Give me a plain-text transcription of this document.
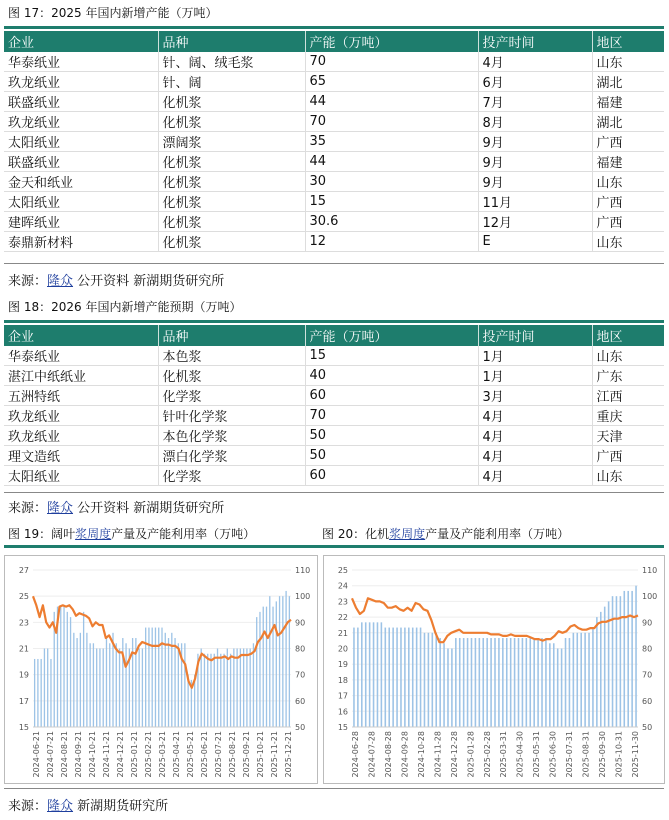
图 17：2025 年国内新增产能（万吨）
企业	品种	产能（万吨）	投产时间	地区
华泰纸业	针、阔、绒毛浆	70	4月	山东
玖龙纸业	针、阔	65	6月	湖北
联盛纸业	化机浆	44	7月	福建
玖龙纸业	化机浆	70	8月	湖北
太阳纸业	漂阔浆	35	9月	广西
联盛纸业	化机浆	44	9月	福建
金天和纸业	化机浆	30	9月	山东
太阳纸业	化机浆	15	11月	广西
建晖纸业	化机浆	30.6	12月	广西
泰鼎新材料	化机浆	12	E	山东
来源：隆众 公开资料 新湖期货研究所
图 18：2026 年国内新增产能预期（万吨）
企业	品种	产能（万吨）	投产时间	地区
华泰纸业	本色浆	15	1月	山东
湛江中纸纸业	化机浆	40	1月	广东
五洲特纸	化学浆	60	3月	江西
玖龙纸业	针叶化学浆	70	4月	重庆
玖龙纸业	本色化学浆	50	4月	天津
理文造纸	漂白化学浆	50	4月	广西
太阳纸业	化学浆	60	4月	山东
来源：隆众 公开资料 新湖期货研究所
图 19：阔叶浆周度产量及产能利用率（万吨）	图 20：化机浆周度产量及产能利用率（万吨）
15
17
19
21
23
25
27
50
60
70
80
90
100
110
2024-06-21 2024-07-21 2024-08-21 2024-09-21 2024-10-21 2024-11-21 2024-12-21 2025-01-21 2025-02-21 2025-03-21 2025-04-21 2025-05-21 2025-06-21 2025-07-21 2025-08-21 2025-09-21 2025-10-21 2025-11-21 2025-12-21
15
16
17
18
19
20
21
22
23
24
25
50
60
70
80
90
100
110
2024-06-28 2024-07-28 2024-08-28 2024-09-28 2024-10-28 2024-11-28 2024-12-28 2025-01-28 2025-02-28 2025-03-31 2025-04-30 2025-05-31 2025-06-30 2025-07-31 2025-08-31 2025-09-30 2025-10-31 2025-11-30
来源：隆众 新湖期货研究所
